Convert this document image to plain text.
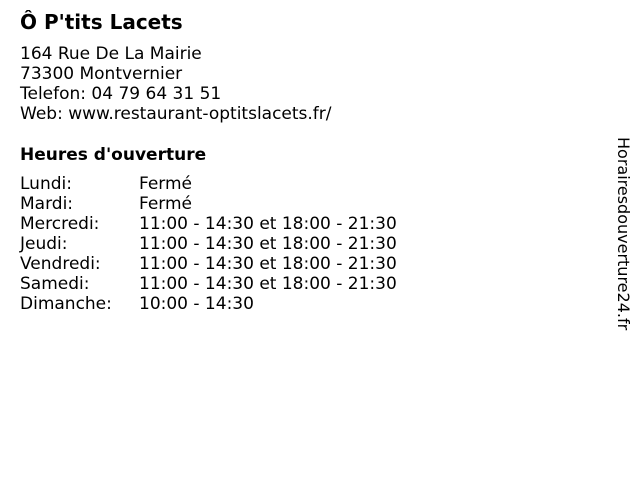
Ô P'tits Lacets
164 Rue De La Mairie
73300 Montvernier
Telefon: 04 79 64 31 51
Web: www.restaurant-optitslacets.fr/
Heures d'ouverture
Lundi:	Fermé
Mardi:	Fermé
Mercredi:	11:00 - 14:30 et 18:00 - 21:30
Jeudi:	11:00 - 14:30 et 18:00 - 21:30
Vendredi:	11:00 - 14:30 et 18:00 - 21:30
Samedi:	11:00 - 14:30 et 18:00 - 21:30
Dimanche:	10:00 - 14:30	Horairesdouverture24.fr
